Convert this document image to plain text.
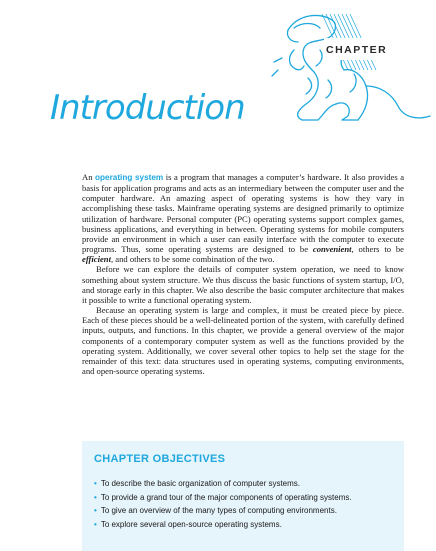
CHAPTER
Introduction

An operating system is a program that manages a computer’s hardware. It also provides a basis for application programs and acts as an intermediary between the computer user and the computer hardware. An amazing aspect of operating systems is how they vary in accomplishing these tasks. Mainframe operating systems are designed primarily to optimize utilization of hardware. Personal computer (PC) operating systems support complex games, business applications, and everything in between. Operating systems for mobile computers provide an environment in which a user can easily interface with the computer to execute programs. Thus, some operating systems are designed to be convenient, others to be efficient, and others to be some combination of the two.

Before we can explore the details of computer system operation, we need to know something about system structure. We thus discuss the basic functions of system startup, I/O, and storage early in this chapter. We also describe the basic computer architecture that makes it possible to write a functional operating system.

Because an operating system is large and complex, it must be created piece by piece. Each of these pieces should be a well-delineated portion of the system, with carefully defined inputs, outputs, and functions. In this chapter, we provide a general overview of the major components of a contemporary computer system as well as the functions provided by the operating system. Additionally, we cover several other topics to help set the stage for the remainder of this text: data structures used in operating systems, computing environments, and open-source operating systems.

CHAPTER OBJECTIVES
• To describe the basic organization of computer systems.
• To provide a grand tour of the major components of operating systems.
• To give an overview of the many types of computing environments.
• To explore several open-source operating systems.
